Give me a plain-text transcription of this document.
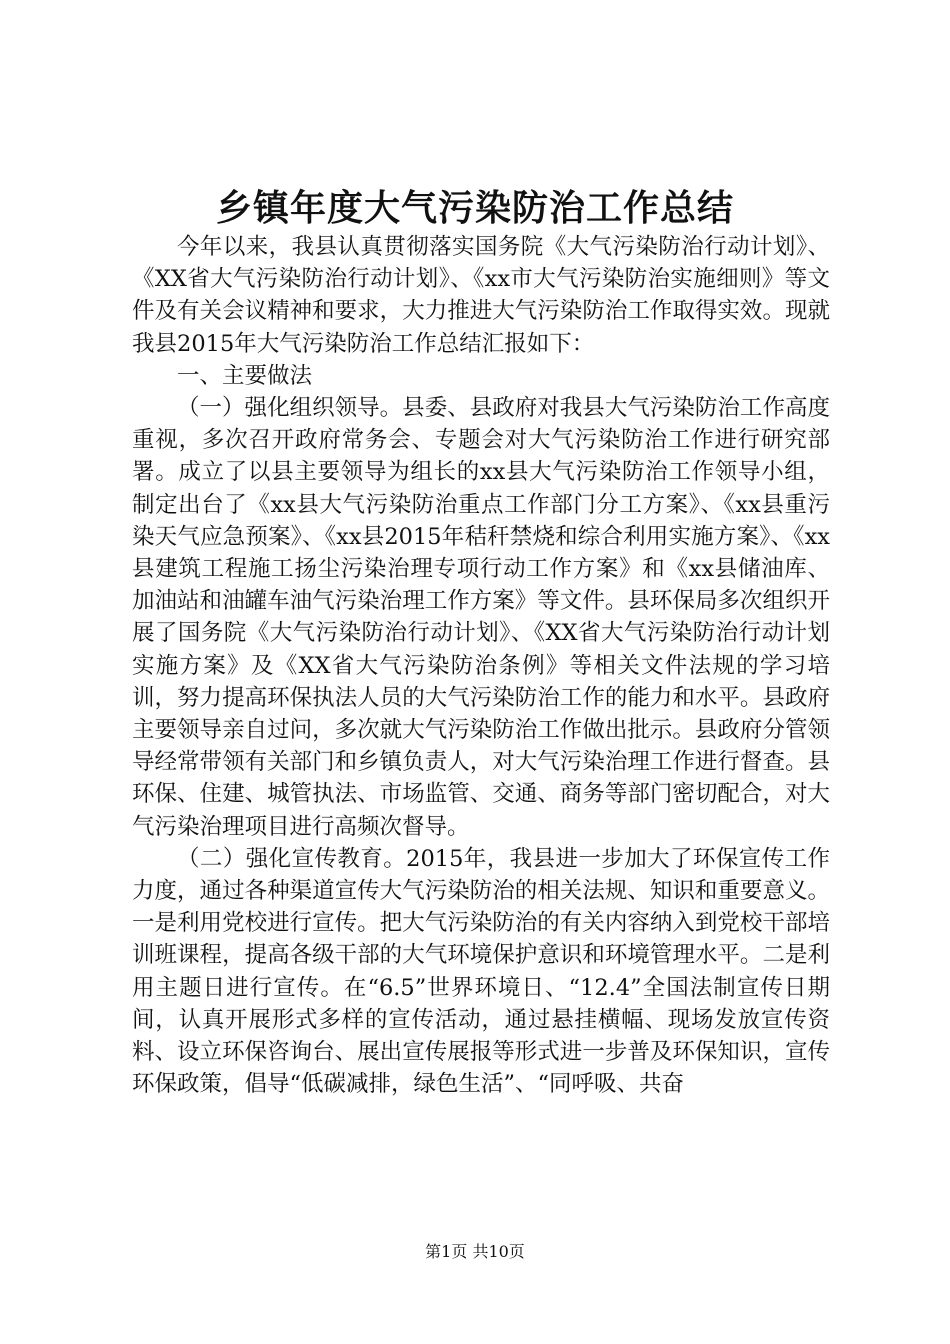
乡镇年度大气污染防治工作总结

今年以来，我县认真贯彻落实国务院《大气污染防治行动计划》、《XX省大气污染防治行动计划》、《xx市大气污染防治实施细则》等文件及有关会议精神和要求，大力推进大气污染防治工作取得实效。现就我县2015年大气污染防治工作总结汇报如下：

一、主要做法

（一）强化组织领导。县委、县政府对我县大气污染防治工作高度重视，多次召开政府常务会、专题会对大气污染防治工作进行研究部署。成立了以县主要领导为组长的xx县大气污染防治工作领导小组，制定出台了《xx县大气污染防治重点工作部门分工方案》、《xx县重污染天气应急预案》、《xx县2015年秸秆禁烧和综合利用实施方案》、《xx县建筑工程施工扬尘污染治理专项行动工作方案》和《xx县储油库、加油站和油罐车油气污染治理工作方案》等文件。县环保局多次组织开展了国务院《大气污染防治行动计划》、《XX省大气污染防治行动计划实施方案》及《XX省大气污染防治条例》等相关文件法规的学习培训，努力提高环保执法人员的大气污染防治工作的能力和水平。县政府主要领导亲自过问，多次就大气污染防治工作做出批示。县政府分管领导经常带领有关部门和乡镇负责人，对大气污染治理工作进行督查。县环保、住建、城管执法、市场监管、交通、商务等部门密切配合，对大气污染治理项目进行高频次督导。

（二）强化宣传教育。2015年，我县进一步加大了环保宣传工作力度，通过各种渠道宣传大气污染防治的相关法规、知识和重要意义。一是利用党校进行宣传。把大气污染防治的有关内容纳入到党校干部培训班课程，提高各级干部的大气环境保护意识和环境管理水平。二是利用主题日进行宣传。在“6.5”世界环境日、“12.4”全国法制宣传日期间，认真开展形式多样的宣传活动，通过悬挂横幅、现场发放宣传资料、设立环保咨询台、展出宣传展报等形式进一步普及环保知识，宣传环保政策，倡导“低碳减排，绿色生活”、“同呼吸、共奋

第1页 共10页
